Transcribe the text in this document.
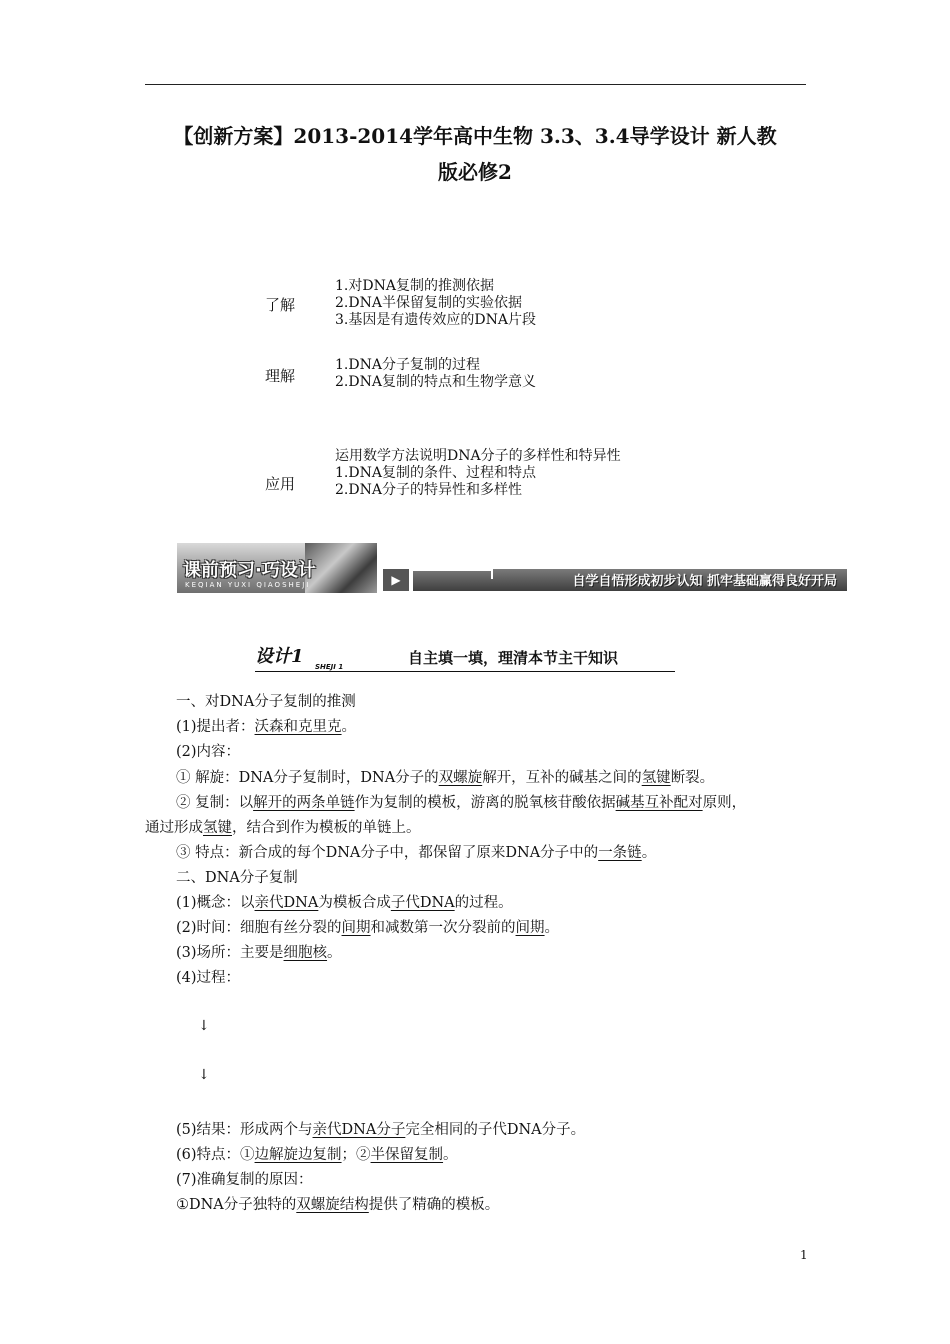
【创新方案】2013-2014学年高中生物 3.3、3.4导学设计 新人教
版必修2
了解
1.对DNA复制的推测依据
2.DNA半保留复制的实验依据
3.基因是有遗传效应的DNA片段
理解
1.DNA分子复制的过程
2.DNA复制的特点和生物学意义
应用
运用数学方法说明DNA分子的多样性和特异性
1.DNA复制的条件、过程和特点
2.DNA分子的特异性和多样性
课前预习·巧设计
KEQIAN YUXI QIAOSHEJI	▶	自学自悟形成初步认知 抓牢基础赢得良好开局
设计1 SHEJI 1	自主填一填，理清本节主干知识
一、对DNA分子复制的推测
(1)提出者：沃森和克里克。
(2)内容：
① 解旋：DNA分子复制时，DNA分子的双螺旋解开，互补的碱基之间的氢键断裂。
② 复制：以解开的两条单链作为复制的模板，游离的脱氧核苷酸依据碱基互补配对原则，
通过形成氢键，结合到作为模板的单链上。
③ 特点：新合成的每个DNA分子中，都保留了原来DNA分子中的一条链。
二、DNA分子复制
(1)概念：以亲代DNA为模板合成子代DNA的过程。
(2)时间：细胞有丝分裂的间期和减数第一次分裂前的间期。
(3)场所：主要是细胞核。
(4)过程：
↓
↓
(5)结果：形成两个与亲代DNA分子完全相同的子代DNA分子。
(6)特点：①边解旋边复制；②半保留复制。
(7)准确复制的原因：
①DNA分子独特的双螺旋结构提供了精确的模板。
1
